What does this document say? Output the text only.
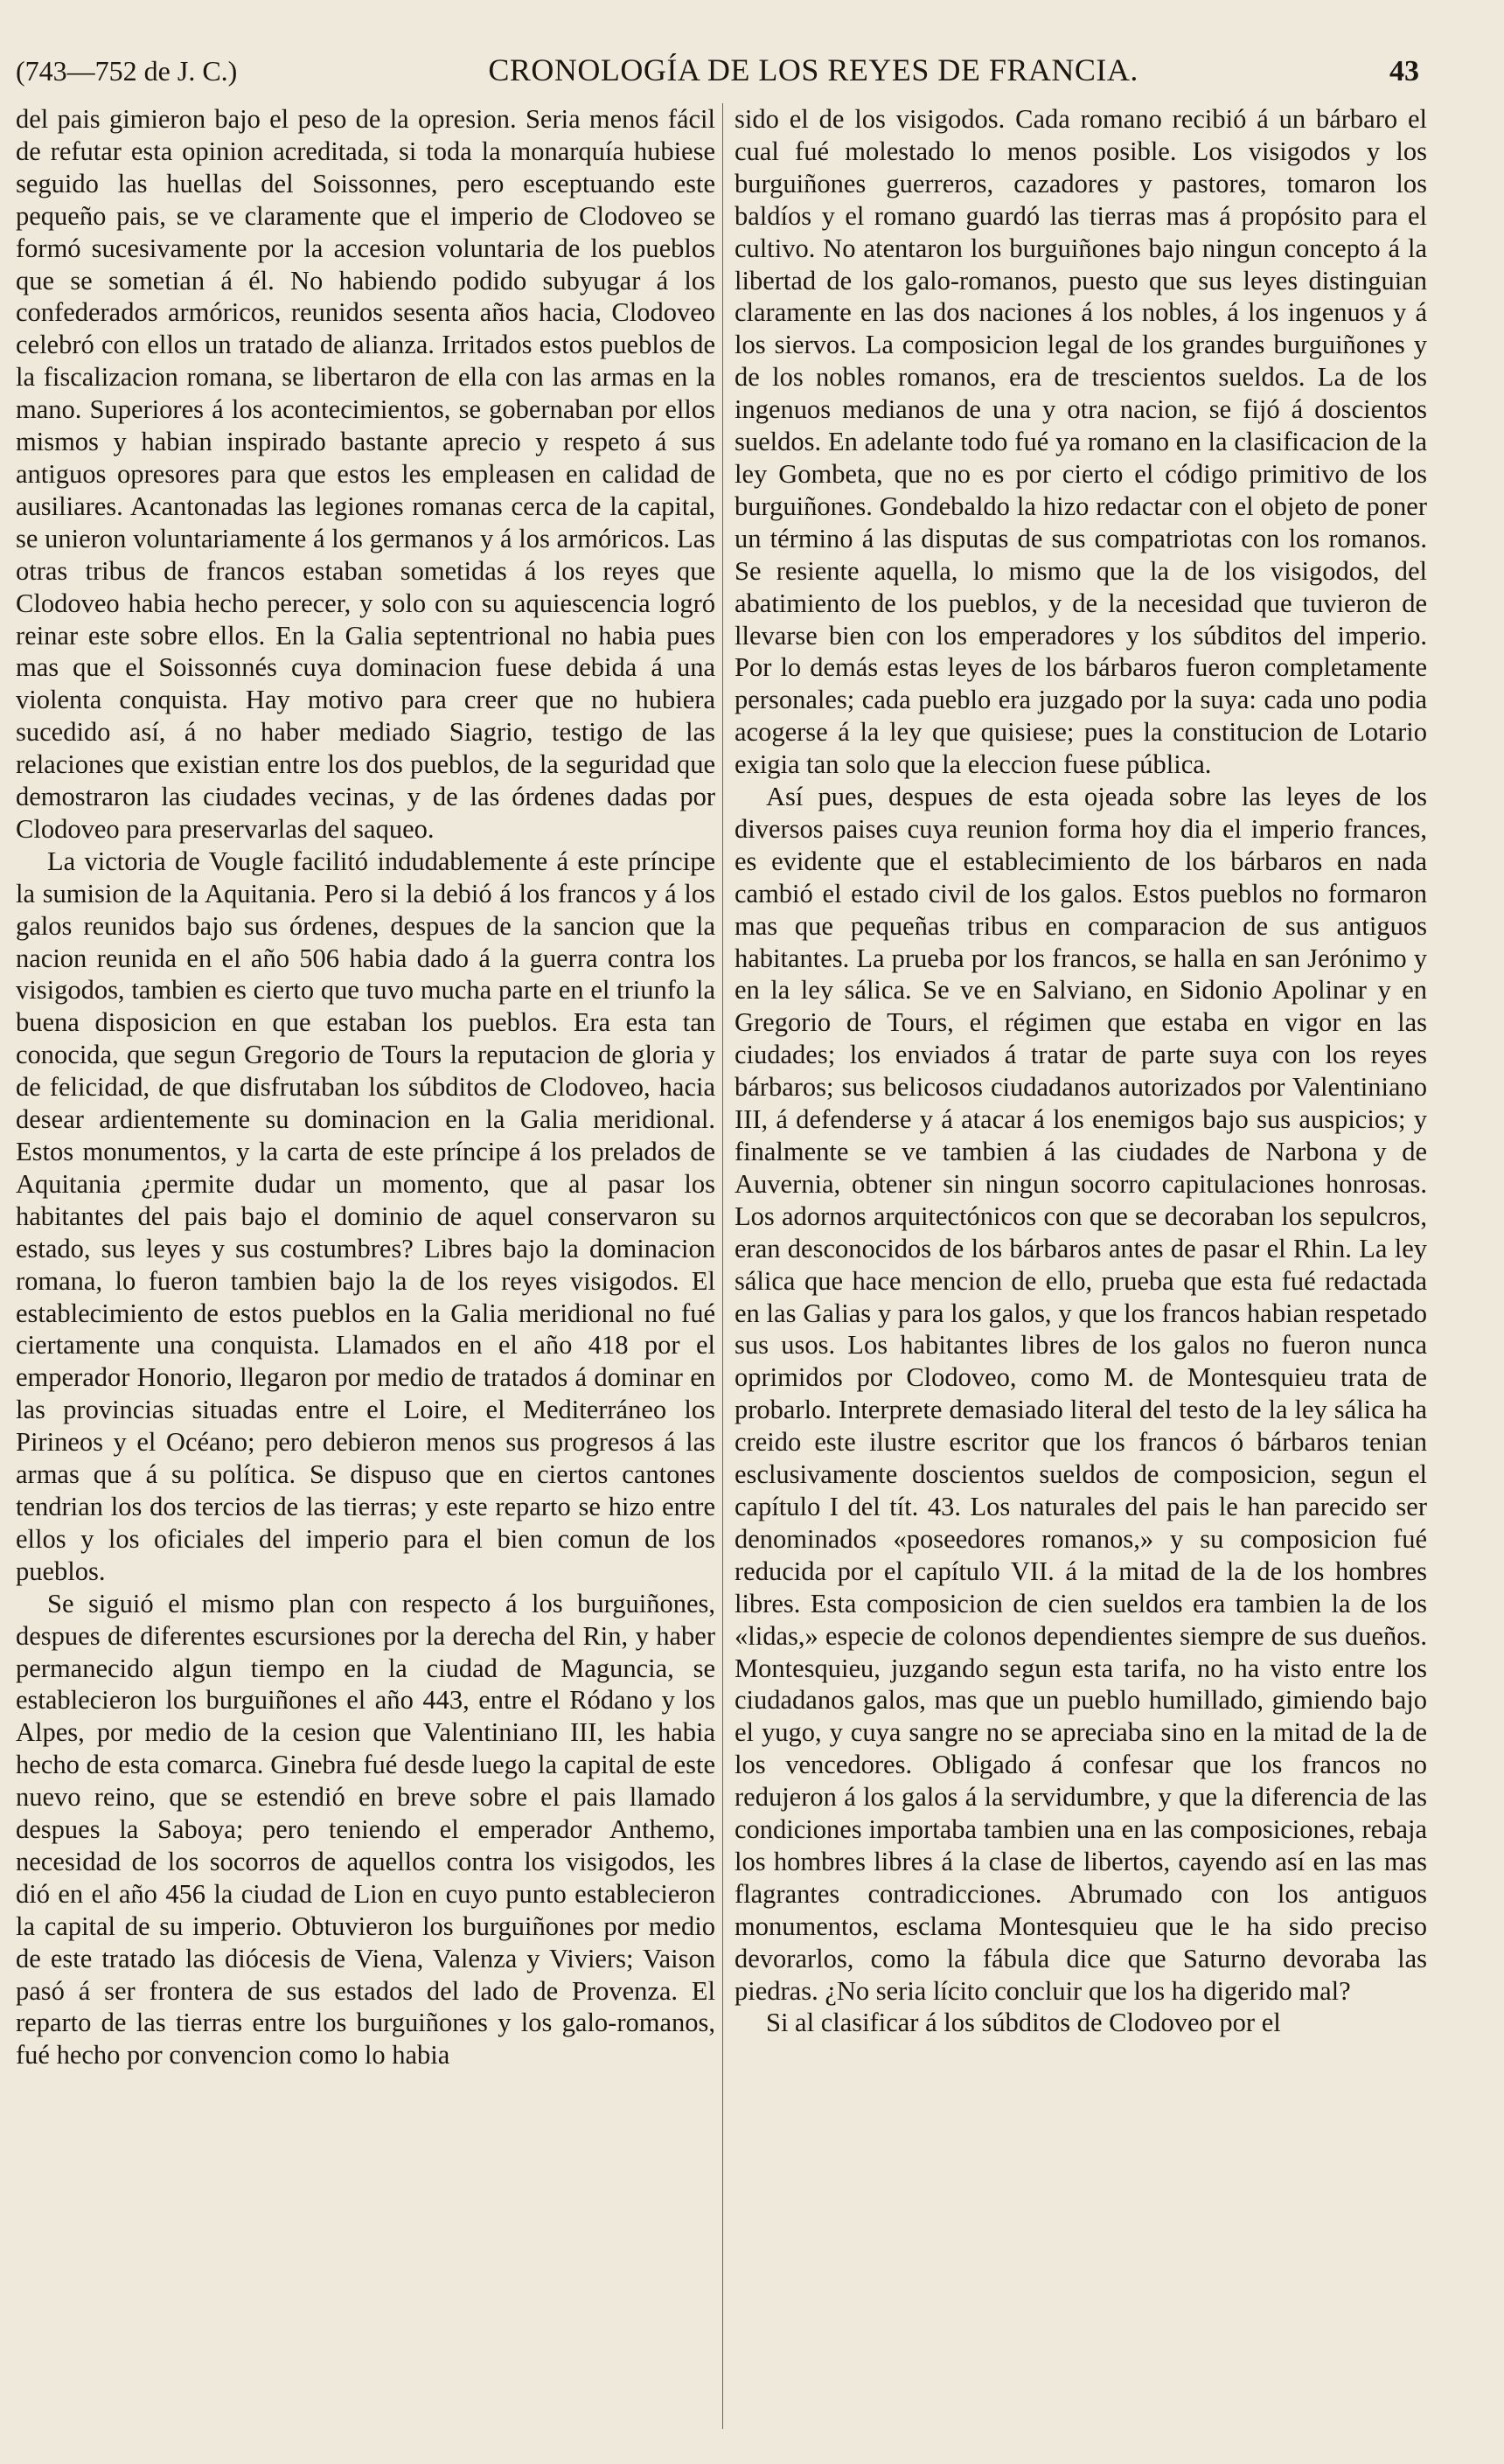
(743—752 de J. C.)	CRONOLOGÍA DE LOS REYES DE FRANCIA.	43

del pais gimieron bajo el peso de la opresion. Seria menos fácil de refutar esta opinion acreditada, si toda la monarquía hubiese seguido las huellas del Soissonnes, pero esceptuando este pequeño pais, se ve claramente que el imperio de Clodoveo se formó sucesivamente por la accesion voluntaria de los pueblos que se sometian á él. No habiendo podido subyugar á los confederados armóricos, reunidos sesenta años hacia, Clodoveo celebró con ellos un tratado de alianza. Irritados estos pueblos de la fiscalizacion romana, se libertaron de ella con las armas en la mano. Superiores á los acontecimientos, se gobernaban por ellos mismos y habian inspirado bastante aprecio y respeto á sus antiguos opresores para que estos les empleasen en calidad de ausiliares. Acantonadas las legiones romanas cerca de la capital, se unieron voluntariamente á los germanos y á los armóricos. Las otras tribus de francos estaban sometidas á los reyes que Clodoveo habia hecho perecer, y solo con su aquiescencia logró reinar este sobre ellos. En la Galia septentrional no habia pues mas que el Soissonnés cuya dominacion fuese debida á una violenta conquista. Hay motivo para creer que no hubiera sucedido así, á no haber mediado Siagrio, testigo de las relaciones que existian entre los dos pueblos, de la seguridad que demostraron las ciudades vecinas, y de las órdenes dadas por Clodoveo para preservarlas del saqueo.

La victoria de Vougle facilitó indudablemente á este príncipe la sumision de la Aquitania. Pero si la debió á los francos y á los galos reunidos bajo sus órdenes, despues de la sancion que la nacion reunida en el año 506 habia dado á la guerra contra los visigodos, tambien es cierto que tuvo mucha parte en el triunfo la buena disposicion en que estaban los pueblos. Era esta tan conocida, que segun Gregorio de Tours la reputacion de gloria y de felicidad, de que disfrutaban los súbditos de Clodoveo, hacia desear ardientemente su dominacion en la Galia meridional. Estos monumentos, y la carta de este príncipe á los prelados de Aquitania ¿permite dudar un momento, que al pasar los habitantes del pais bajo el dominio de aquel conservaron su estado, sus leyes y sus costumbres? Libres bajo la dominacion romana, lo fueron tambien bajo la de los reyes visigodos. El establecimiento de estos pueblos en la Galia meridional no fué ciertamente una conquista. Llamados en el año 418 por el emperador Honorio, llegaron por medio de tratados á dominar en las provincias situadas entre el Loire, el Mediterráneo los Pirineos y el Océano; pero debieron menos sus progresos á las armas que á su política. Se dispuso que en ciertos cantones tendrian los dos tercios de las tierras; y este reparto se hizo entre ellos y los oficiales del imperio para el bien comun de los pueblos.

Se siguió el mismo plan con respecto á los burguiñones, despues de diferentes escursiones por la derecha del Rin, y haber permanecido algun tiempo en la ciudad de Maguncia, se establecieron los burguiñones el año 443, entre el Ródano y los Alpes, por medio de la cesion que Valentiniano III, les habia hecho de esta comarca. Ginebra fué desde luego la capital de este nuevo reino, que se estendió en breve sobre el pais llamado despues la Saboya; pero teniendo el emperador Anthemo, necesidad de los socorros de aquellos contra los visigodos, les dió en el año 456 la ciudad de Lion en cuyo punto establecieron la capital de su imperio. Obtuvieron los burguiñones por medio de este tratado las diócesis de Viena, Valenza y Viviers; Vaison pasó á ser frontera de sus estados del lado de Provenza. El reparto de las tierras entre los burguiñones y los galo-romanos, fué hecho por convencion como lo habia

sido el de los visigodos. Cada romano recibió á un bárbaro el cual fué molestado lo menos posible. Los visigodos y los burguiñones guerreros, cazadores y pastores, tomaron los baldíos y el romano guardó las tierras mas á propósito para el cultivo. No atentaron los burguiñones bajo ningun concepto á la libertad de los galo-romanos, puesto que sus leyes distinguian claramente en las dos naciones á los nobles, á los ingenuos y á los siervos. La composicion legal de los grandes burguiñones y de los nobles romanos, era de trescientos sueldos. La de los ingenuos medianos de una y otra nacion, se fijó á doscientos sueldos. En adelante todo fué ya romano en la clasificacion de la ley Gombeta, que no es por cierto el código primitivo de los burguiñones. Gondebaldo la hizo redactar con el objeto de poner un término á las disputas de sus compatriotas con los romanos. Se resiente aquella, lo mismo que la de los visigodos, del abatimiento de los pueblos, y de la necesidad que tuvieron de llevarse bien con los emperadores y los súbditos del imperio. Por lo demás estas leyes de los bárbaros fueron completamente personales; cada pueblo era juzgado por la suya: cada uno podia acogerse á la ley que quisiese; pues la constitucion de Lotario exigia tan solo que la eleccion fuese pública.

Así pues, despues de esta ojeada sobre las leyes de los diversos paises cuya reunion forma hoy dia el imperio frances, es evidente que el establecimiento de los bárbaros en nada cambió el estado civil de los galos. Estos pueblos no formaron mas que pequeñas tribus en comparacion de sus antiguos habitantes. La prueba por los francos, se halla en san Jerónimo y en la ley sálica. Se ve en Salviano, en Sidonio Apolinar y en Gregorio de Tours, el régimen que estaba en vigor en las ciudades; los enviados á tratar de parte suya con los reyes bárbaros; sus belicosos ciudadanos autorizados por Valentiniano III, á defenderse y á atacar á los enemigos bajo sus auspicios; y finalmente se ve tambien á las ciudades de Narbona y de Auvernia, obtener sin ningun socorro capitulaciones honrosas. Los adornos arquitectónicos con que se decoraban los sepulcros, eran desconocidos de los bárbaros antes de pasar el Rhin. La ley sálica que hace mencion de ello, prueba que esta fué redactada en las Galias y para los galos, y que los francos habian respetado sus usos. Los habitantes libres de los galos no fueron nunca oprimidos por Clodoveo, como M. de Montesquieu trata de probarlo. Interprete demasiado literal del testo de la ley sálica ha creido este ilustre escritor que los francos ó bárbaros tenian esclusivamente doscientos sueldos de composicion, segun el capítulo I del tít. 43. Los naturales del pais le han parecido ser denominados «poseedores romanos,» y su composicion fué reducida por el capítulo VII. á la mitad de la de los hombres libres. Esta composicion de cien sueldos era tambien la de los «lidas,» especie de colonos dependientes siempre de sus dueños. Montesquieu, juzgando segun esta tarifa, no ha visto entre los ciudadanos galos, mas que un pueblo humillado, gimiendo bajo el yugo, y cuya sangre no se apreciaba sino en la mitad de la de los vencedores. Obligado á confesar que los francos no redujeron á los galos á la servidumbre, y que la diferencia de las condiciones importaba tambien una en las composiciones, rebaja los hombres libres á la clase de libertos, cayendo así en las mas flagrantes contradicciones. Abrumado con los antiguos monumentos, esclama Montesquieu que le ha sido preciso devorarlos, como la fábula dice que Saturno devoraba las piedras. ¿No seria lícito concluir que los ha digerido mal?

Si al clasificar á los súbditos de Clodoveo por el
